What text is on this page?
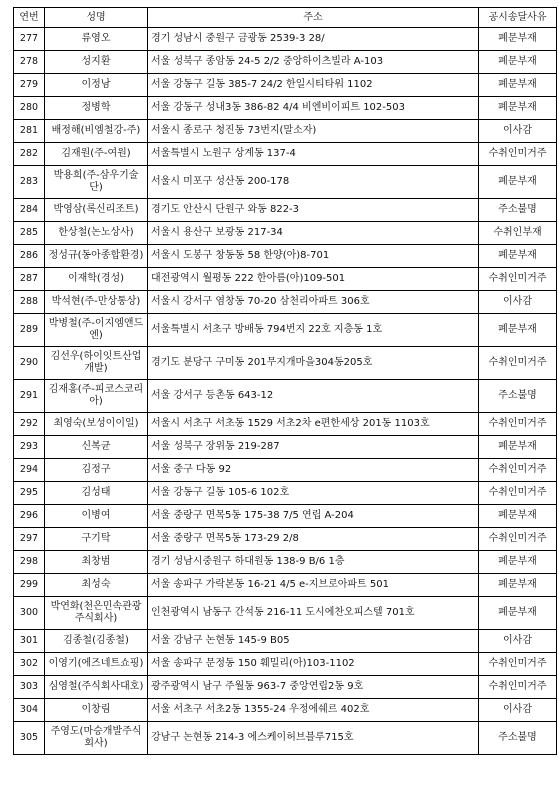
연번	성명	주소	공시송달사유
277	류영오	경기 성남시 중원구 금광동 2539-3 28/	폐문부재
278	성지환	서울 성북구 종암동 24-5 2/2 중앙하이츠빌라 A-103	폐문부재
279	이정남	서울 강동구 길동 385-7 24/2 한일시티타워 1102	폐문부재
280	정병학	서울 강동구 성내3동 386-82 4/4 비엔비이피트 102-503	폐문부재
281	배정해(비엠철강-주)	서울시 종로구 청진동 73번지(말소자)	이사감
282	김재원(주-여원)	서울특별시 노원구 상계동 137-4	수취인미거주
283	박용희(주-삼우기술단)	서울시 미포구 성산동 200-178	폐문부재
284	박영삼(록신리조트)	경기도 안산시 단원구 와동 822-3	주소불명
285	한상철(논노상사)	서울시 용산구 보광동 217-34	수취인부재
286	정성규(동아종합환경)	서울시 도봉구 창동동 58 한양(아)8-701	폐문부재
287	이재학(경성)	대전광역시 월평동 222 한아름(아)109-501	수취인미거주
288	박석현(주-만상통상)	서울시 강서구 염창동 70-20 삼천리아파트 306호	이사감
289	박병철(주-이지엠앤드엔)	서울특별시 서초구 방배동 794번지 22호 지층동 1호	폐문부재
290	김선우(하이잇트산업개발)	경기도 분당구 구미동 201무지개마을304동205호	수취인미거주
291	김재홍(주-피코스코리아)	서울 강서구 등촌동 643-12	주소불명
292	최영숙(보성이이일)	서울시 서초구 서초동 1529 서초2차 e편한세상 201동 1103호	수취인미거주
293	신복균	서울 성북구 장위동 219-287	폐문부재
294	김정구	서울 중구 다동 92	수취인미거주
295	김성태	서울 강동구 길동 105-6 102호	수취인미거주
296	이병여	서울 중랑구 면목5동 175-38 7/5 연립 A-204	폐문부재
297	구기탁	서울 중랑구 면목5동 173-29 2/8	수취인미거주
298	최창범	경기 성남시중원구 하대원동 138-9 B/6 1층	폐문부재
299	최성숙	서울 송파구 가락본동 16-21 4/5 e-지브로아파트 501	폐문부재
300	박연화(천은민속관광주식회사)	인천광역시 남동구 간석동 216-11 도시에찬오피스텔 701호	폐문부재
301	김종철(김종철)	서울 강남구 논현동 145-9 B05	이사감
302	이영기(에즈네트쇼핑)	서울 송파구 문정동 150 훼밀리(아)103-1102	수취인미거주
303	심영철(주식회사대호)	광주광역시 남구 주월동 963-7 중앙연립2동 9호	수취인미거주
304	이창림	서울 서초구 서초2동 1355-24 우정에쉐르 402호	이사감
305	주영도(마승개발주식회사)	강남구 논현동 214-3 에스케이허브블루715호	주소불명
